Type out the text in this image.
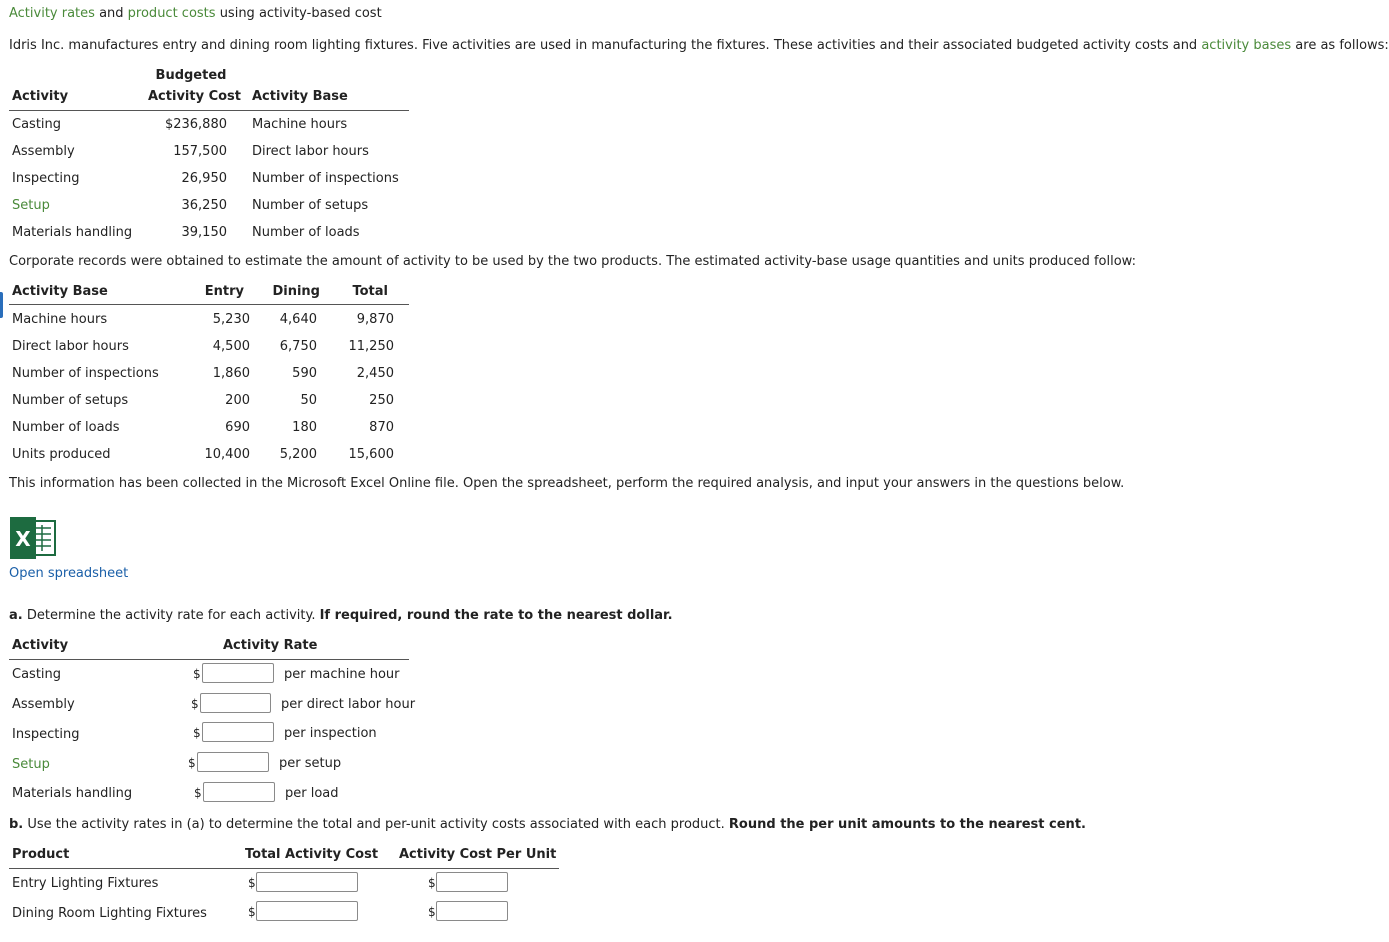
Activity rates and product costs using activity-based cost
Idris Inc. manufactures entry and dining room lighting fixtures. Five activities are used in manufacturing the fixtures. These activities and their associated budgeted activity costs and activity bases are as follows:
Budgeted
Activity	Activity Cost Activity Base
Casting	$236,880 Machine hours
Assembly	157,500 Direct labor hours
Inspecting	26,950 Number of inspections
Setup	36,250 Number of setups
Materials handling	39,150 Number of loads
Corporate records were obtained to estimate the amount of activity to be used by the two products. The estimated activity-base usage quantities and units produced follow:
Activity Base	Entry	Dining	Total
Machine hours	5,230	4,640	9,870
Direct labor hours	4,500	6,750	11,250
Number of inspections	1,860	590	2,450
Number of setups	200	50	250
Number of loads	690	180	870
Units produced	10,400	5,200	15,600
This information has been collected in the Microsoft Excel Online file. Open the spreadsheet, perform the required analysis, and input your answers in the questions below.
X
Open spreadsheet
a. Determine the activity rate for each activity. If required, round the rate to the nearest dollar.
Activity	Activity Rate
Casting	$	per machine hour
Assembly	$	per direct labor hour
Inspecting	$	per inspection
Setup	$	per setup
Materials handling	$	per load
b. Use the activity rates in (a) to determine the total and per-unit activity costs associated with each product. Round the per unit amounts to the nearest cent.
Product	Total Activity Cost Activity Cost Per Unit
Entry Lighting Fixtures	$	$
Dining Room Lighting Fixtures	$	$
